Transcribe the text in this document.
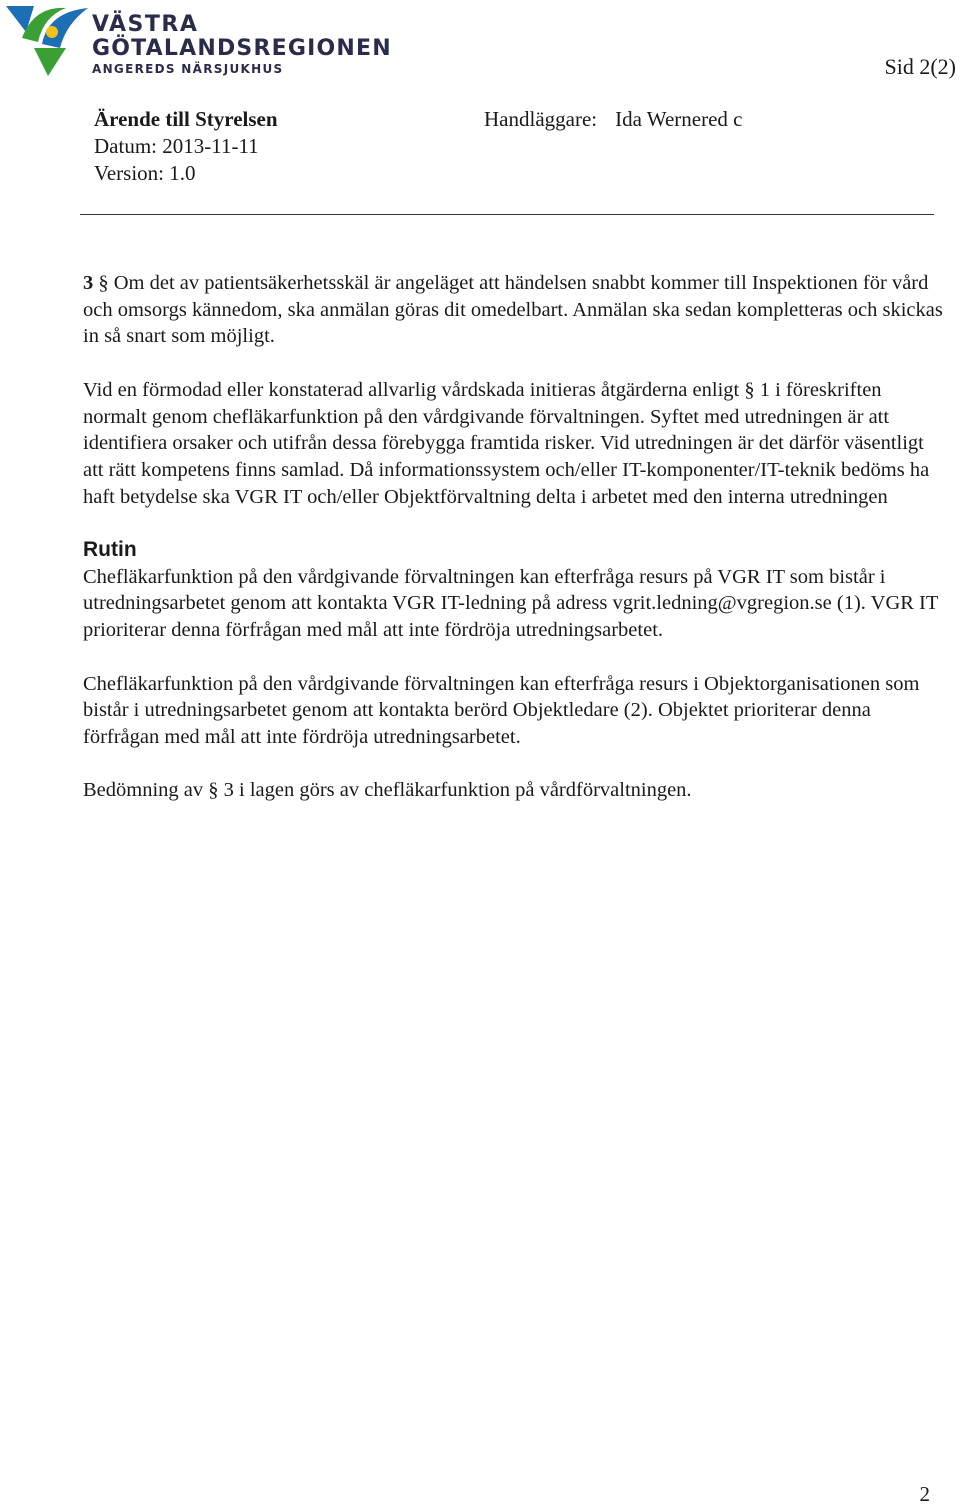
VÄSTRA
GÖTALANDSREGIONEN
ANGEREDS NÄRSJUKHUS	Sid 2(2)
Ärende till Styrelsen
Datum: 2013-11-11
Version: 1.0
Handläggare: Ida Wernered c

3 § Om det av patientsäkerhetsskäl är angeläget att händelsen snabbt kommer till Inspektionen för vård och omsorgs kännedom, ska anmälan göras dit omedelbart. Anmälan ska sedan kompletteras och skickas in så snart som möjligt.

Vid en förmodad eller konstaterad allvarlig vårdskada initieras åtgärderna enligt § 1 i föreskriften normalt genom chefläkarfunktion på den vårdgivande förvaltningen. Syftet med utredningen är att identifiera orsaker och utifrån dessa förebygga framtida risker. Vid utredningen är det därför väsentligt att rätt kompetens finns samlad. Då informationssystem och/eller IT-komponenter/IT-teknik bedöms ha haft betydelse ska VGR IT och/eller Objektförvaltning delta i arbetet med den interna utredningen

Rutin

Chefläkarfunktion på den vårdgivande förvaltningen kan efterfråga resurs på VGR IT som bistår i utredningsarbetet genom att kontakta VGR IT-ledning på adress vgrit.ledning@vgregion.se (1). VGR IT prioriterar denna förfrågan med mål att inte fördröja utredningsarbetet.

Chefläkarfunktion på den vårdgivande förvaltningen kan efterfråga resurs i Objektorganisationen som bistår i utredningsarbetet genom att kontakta berörd Objektledare (2). Objektet prioriterar denna förfrågan med mål att inte fördröja utredningsarbetet.

Bedömning av § 3 i lagen görs av chefläkarfunktion på vårdförvaltningen.

2
